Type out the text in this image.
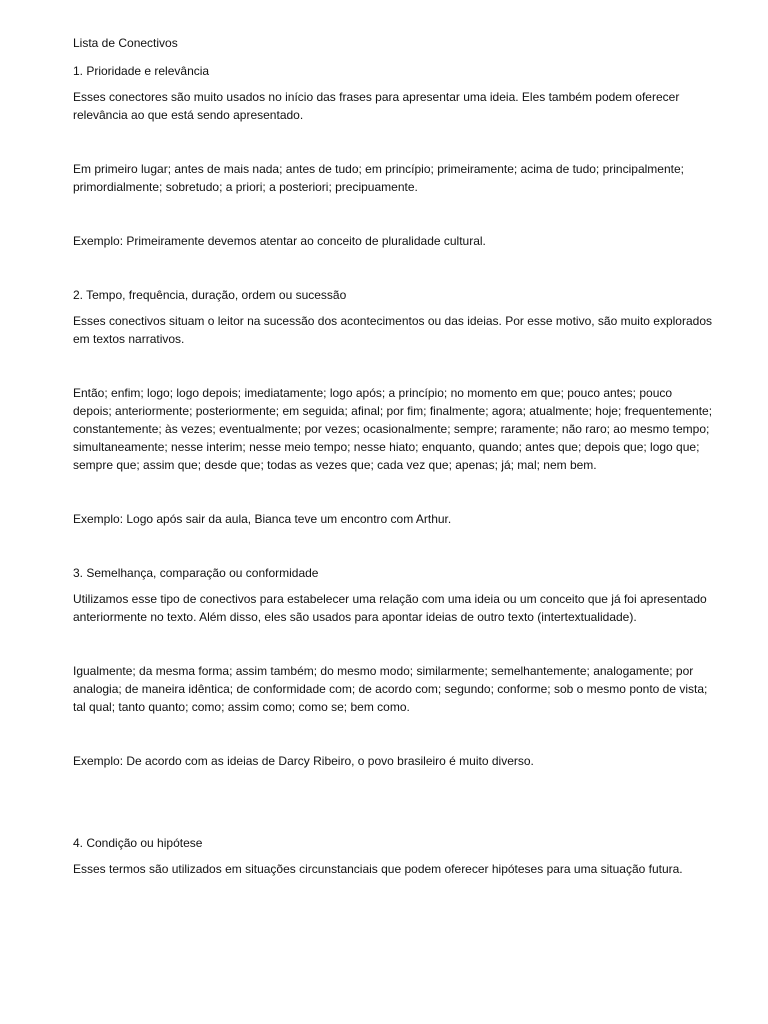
Lista de Conectivos

1. Prioridade e relevância

Esses conectores são muito usados no início das frases para apresentar uma ideia. Eles também podem oferecer relevância ao que está sendo apresentado.

Em primeiro lugar; antes de mais nada; antes de tudo; em princípio; primeiramente; acima de tudo; principalmente; primordialmente; sobretudo; a priori; a posteriori; precipuamente.

Exemplo: Primeiramente devemos atentar ao conceito de pluralidade cultural.

2. Tempo, frequência, duração, ordem ou sucessão

Esses conectivos situam o leitor na sucessão dos acontecimentos ou das ideias. Por esse motivo, são muito explorados em textos narrativos.

Então; enfim; logo; logo depois; imediatamente; logo após; a princípio; no momento em que; pouco antes; pouco depois; anteriormente; posteriormente; em seguida; afinal; por fim; finalmente; agora; atualmente; hoje; frequentemente; constantemente; às vezes; eventualmente; por vezes; ocasionalmente; sempre; raramente; não raro; ao mesmo tempo; simultaneamente; nesse interim; nesse meio tempo; nesse hiato; enquanto, quando; antes que; depois que; logo que; sempre que; assim que; desde que; todas as vezes que; cada vez que; apenas; já; mal; nem bem.

Exemplo: Logo após sair da aula, Bianca teve um encontro com Arthur.

3. Semelhança, comparação ou conformidade

Utilizamos esse tipo de conectivos para estabelecer uma relação com uma ideia ou um conceito que já foi apresentado anteriormente no texto. Além disso, eles são usados para apontar ideias de outro texto (intertextualidade).

Igualmente; da mesma forma; assim também; do mesmo modo; similarmente; semelhantemente; analogamente; por analogia; de maneira idêntica; de conformidade com; de acordo com; segundo; conforme; sob o mesmo ponto de vista; tal qual; tanto quanto; como; assim como; como se; bem como.

Exemplo: De acordo com as ideias de Darcy Ribeiro, o povo brasileiro é muito diverso.

4. Condição ou hipótese

Esses termos são utilizados em situações circunstanciais que podem oferecer hipóteses para uma situação futura.
